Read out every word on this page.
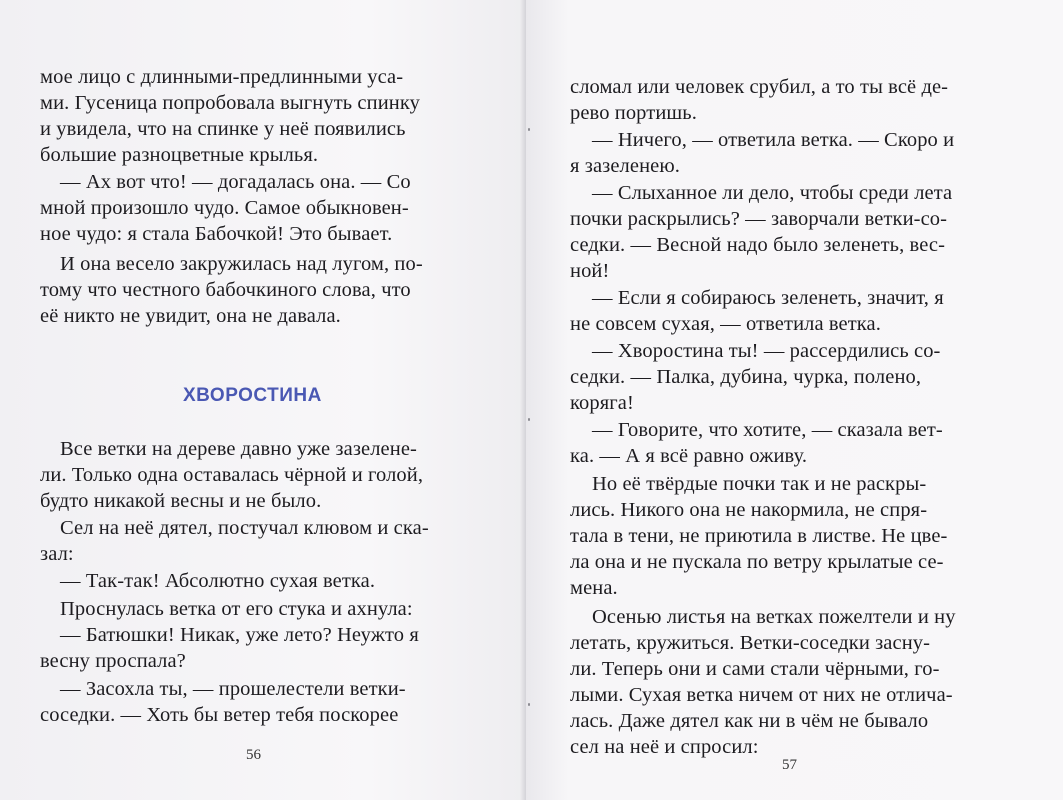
мое лицо с длинными-предлинными уса-
ми. Гусеница попробовала выгнуть спинку
и увидела, что на спинке у неё появились
большие разноцветные крылья.
— Ах вот что! — догадалась она. — Со
мной произошло чудо. Самое обыкновен-
ное чудо: я стала Бабочкой! Это бывает.
И она весело закружилась над лугом, по-
тому что честного бабочкиного слова, что
её никто не увидит, она не давала.
ХВОРОСТИНА
Все ветки на дереве давно уже зазелене-
ли. Только одна оставалась чёрной и голой,
будто никакой весны и не было.
Сел на неё дятел, постучал клювом и ска-
зал:
— Так-так! Абсолютно сухая ветка.
Проснулась ветка от его стука и ахнула:
— Батюшки! Никак, уже лето? Неужто я
весну проспала?
— Засохла ты, — прошелестели ветки-
соседки. — Хоть бы ветер тебя поскорее
56
сломал или человек срубил, а то ты всё де-
рево портишь.
— Ничего, — ответила ветка. — Скоро и
я зазеленею.
— Слыханное ли дело, чтобы среди лета
почки раскрылись? — заворчали ветки-со-
седки. — Весной надо было зеленеть, вес-
ной!
— Если я собираюсь зеленеть, значит, я
не совсем сухая, — ответила ветка.
— Хворостина ты! — рассердились со-
седки. — Палка, дубина, чурка, полено,
коряга!
— Говорите, что хотите, — сказала вет-
ка. — А я всё равно оживу.
Но её твёрдые почки так и не раскры-
лись. Никого она не накормила, не спря-
тала в тени, не приютила в листве. Не цве-
ла она и не пускала по ветру крылатые се-
мена.
Осенью листья на ветках пожелтели и ну
летать, кружиться. Ветки-соседки засну-
ли. Теперь они и сами стали чёрными, го-
лыми. Сухая ветка ничем от них не отлича-
лась. Даже дятел как ни в чём не бывало
сел на неё и спросил:
57
